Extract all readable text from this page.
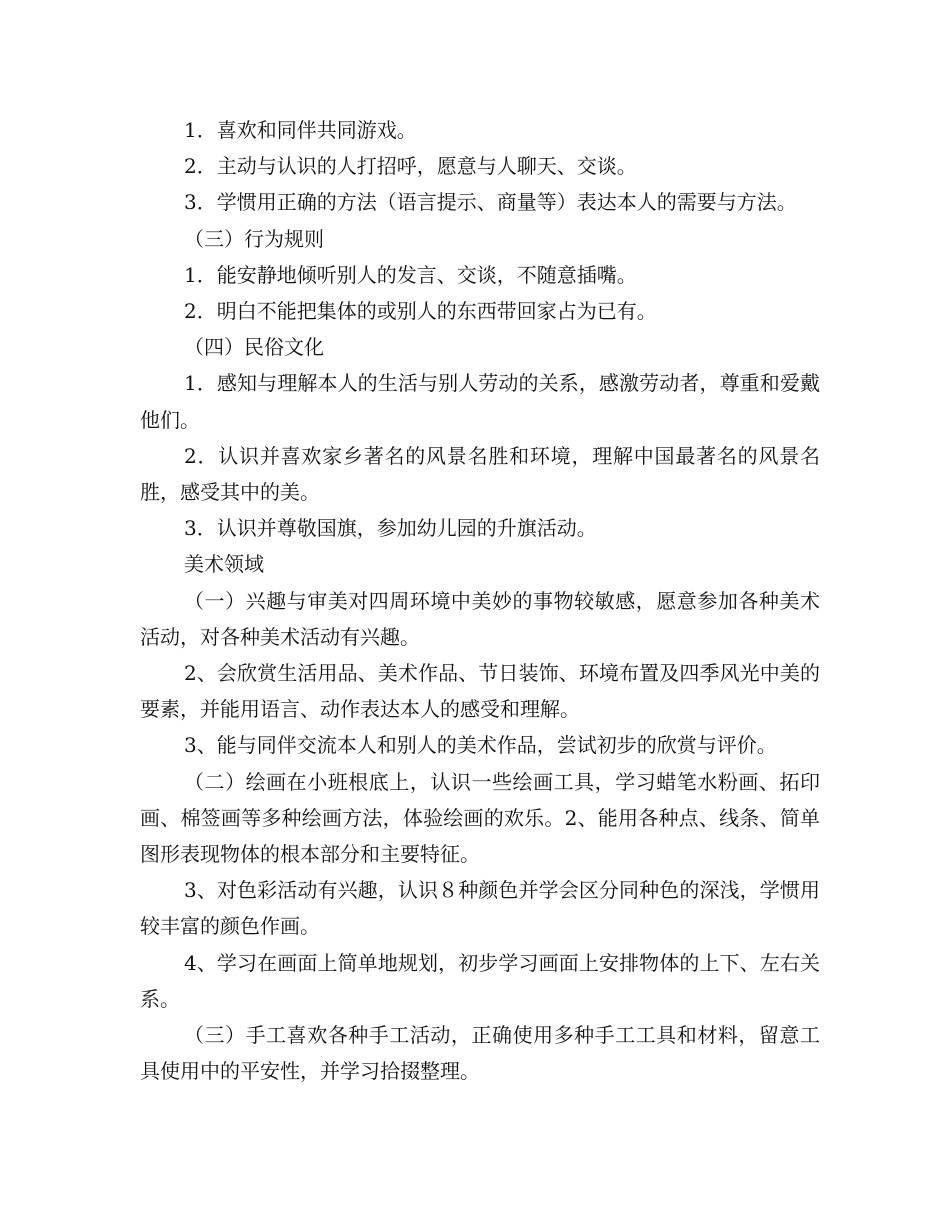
1．喜欢和同伴共同游戏。

2．主动与认识的人打招呼，愿意与人聊天、交谈。

3．学惯用正确的方法（语言提示、商量等）表达本人的需要与方法。

（三）行为规则

1．能安静地倾听别人的发言、交谈，不随意插嘴。

2．明白不能把集体的或别人的东西带回家占为已有。

（四）民俗文化

1．感知与理解本人的生活与别人劳动的关系，感激劳动者，尊重和爱戴他们。

2．认识并喜欢家乡著名的风景名胜和环境，理解中国最著名的风景名胜，感受其中的美。

3．认识并尊敬国旗，参加幼儿园的升旗活动。

美术领域

（一）兴趣与审美对四周环境中美妙的事物较敏感，愿意参加各种美术活动，对各种美术活动有兴趣。

2、会欣赏生活用品、美术作品、节日装饰、环境布置及四季风光中美的要素，并能用语言、动作表达本人的感受和理解。

3、能与同伴交流本人和别人的美术作品，尝试初步的欣赏与评价。

（二）绘画在小班根底上，认识一些绘画工具，学习蜡笔水粉画、拓印画、棉签画等多种绘画方法，体验绘画的欢乐。2、能用各种点、线条、简单图形表现物体的根本部分和主要特征。

3、对色彩活动有兴趣，认识８种颜色并学会区分同种色的深浅，学惯用较丰富的颜色作画。

4、学习在画面上简单地规划，初步学习画面上安排物体的上下、左右关系。

（三）手工喜欢各种手工活动，正确使用多种手工工具和材料，留意工具使用中的平安性，并学习拾掇整理。
